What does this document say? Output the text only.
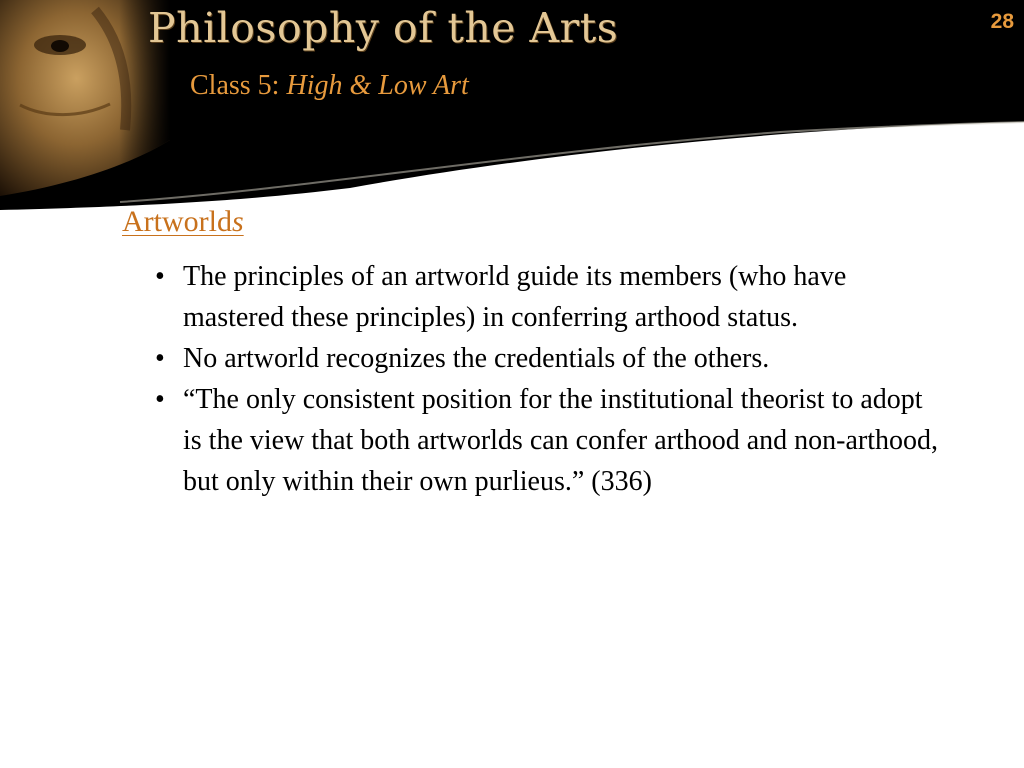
Philosophy of the Arts
Class 5: High & Low Art
28
Artworlds
• The principles of an artworld guide its members (who have mastered these principles) in conferring arthood status.
• No artworld recognizes the credentials of the others.
• “The only consistent position for the institutional theorist to adopt is the view that both artworlds can confer arthood and non-arthood, but only within their own purlieus.” (336)
